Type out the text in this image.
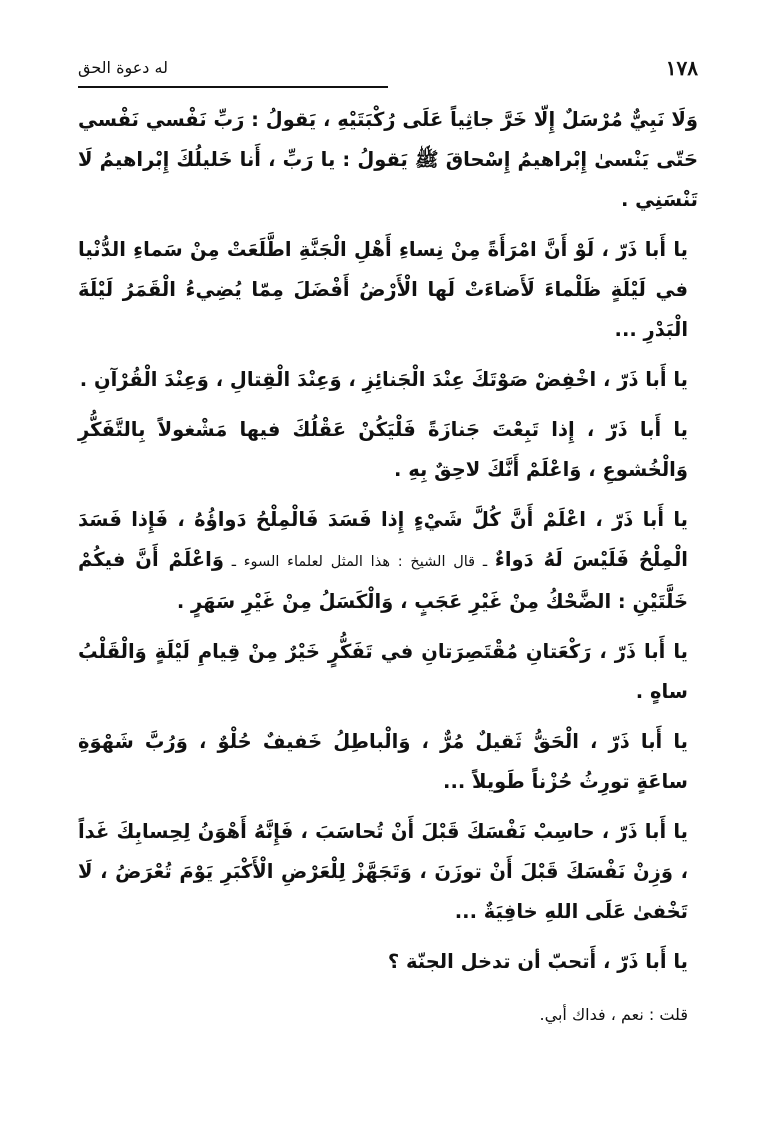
١٧٨
له دعوة الحق

وَلَا نَبِيٌّ مُرْسَلٌ إِلّا خَرَّ جاثِياً عَلَى رُكْبَتَيْهِ ، يَقولُ : رَبِّ نَفْسي نَفْسي حَتّى يَنْسىٰ إِبْراهيمُ إِسْحاقَ ﷺ يَقولُ : يا رَبِّ ، أَنا خَليلُكَ إِبْراهيمُ لَا تَنْسَنِي .

يا أَبا ذَرّ ، لَوْ أَنَّ امْرَأَةً مِنْ نِساءِ أَهْلِ الْجَنَّةِ اطَّلَعَتْ مِنْ سَماءِ الدُّنْيا في لَيْلَةٍ ظَلْماءَ لَأَضاءَتْ لَها الْأَرْضُ أَفْضَلَ مِمّا يُضِيءُ الْقَمَرُ لَيْلَةَ الْبَدْرِ ...

يا أَبا ذَرّ ، اخْفِضْ صَوْتَكَ عِنْدَ الْجَنائِزِ ، وَعِنْدَ الْقِتالِ ، وَعِنْدَ الْقُرْآنِ .

يا أَبا ذَرّ ، إِذا تَبِعْتَ جَنازَةً فَلْيَكُنْ عَقْلُكَ فيها مَشْغولاً بِالتَّفَكُّرِ وَالْخُشوعِ ، وَاعْلَمْ أَنَّكَ لاحِقٌ بِهِ .

يا أَبا ذَرّ ، اعْلَمْ أَنَّ كُلَّ شَيْءٍ إِذا فَسَدَ فَالْمِلْحُ دَواؤُهُ ، فَإِذا فَسَدَ الْمِلْحُ فَلَيْسَ لَهُ دَواءٌ ـ قال الشيخ : هذا المثل لعلماء السوء ـ وَاعْلَمْ أَنَّ فيكُمْ خَلَّتَيْنِ : الضَّحْكُ مِنْ غَيْرِ عَجَبٍ ، وَالْكَسَلُ مِنْ غَيْرِ سَهَرٍ .

يا أَبا ذَرّ ، رَكْعَتانِ مُقْتَصِرَتانِ في تَفَكُّرٍ خَيْرٌ مِنْ قِيامِ لَيْلَةٍ وَالْقَلْبُ ساهٍ .

يا أَبا ذَرّ ، الْحَقُّ ثَقيلٌ مُرٌّ ، وَالْباطِلُ خَفيفٌ حُلْوٌ ، وَرُبَّ شَهْوَةِ ساعَةٍ تورِثُ حُزْناً طَويلاً ...

يا أَبا ذَرّ ، حاسِبْ نَفْسَكَ قَبْلَ أَنْ تُحاسَبَ ، فَإِنَّهُ أَهْوَنُ لِحِسابِكَ غَداً ، وَزِنْ نَفْسَكَ قَبْلَ أَنْ توزَنَ ، وَتَجَهَّزْ لِلْعَرْضِ الْأَكْبَرِ يَوْمَ تُعْرَضُ ، لَا تَخْفىٰ عَلَى اللهِ خافِيَةٌ ...

يا أَبا ذَرّ ، أَتحبّ أن تدخل الجنّة ؟

قلت : نعم ، فداك أبي.
